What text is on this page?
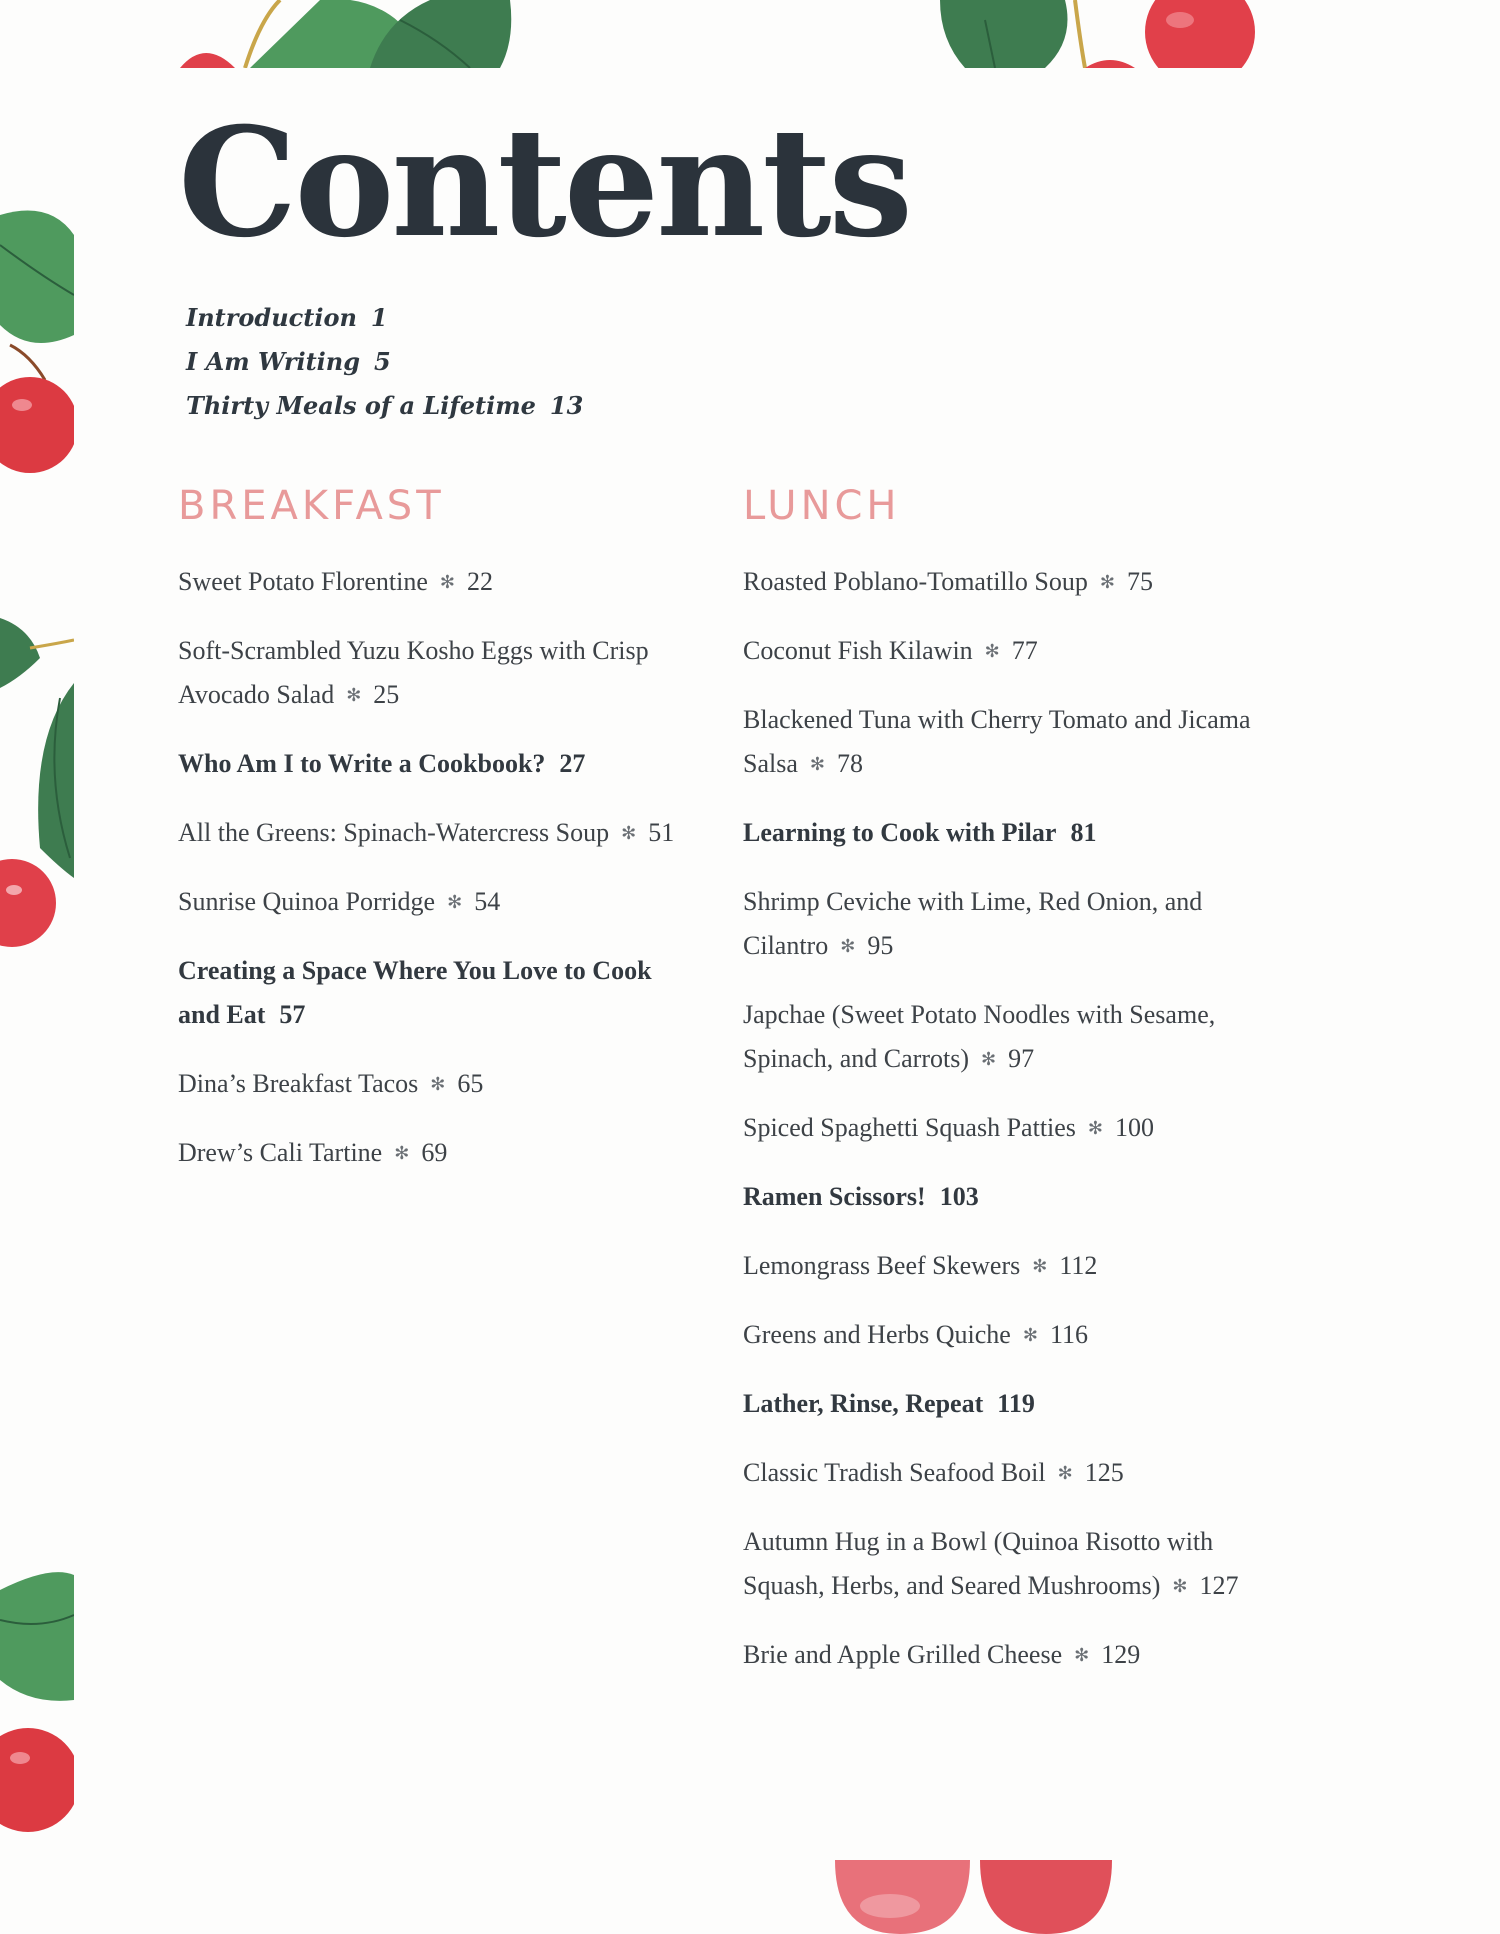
Contents
Introduction 1
I Am Writing 5
Thirty Meals of a Lifetime 13
BREAKFAST
Sweet Potato Florentine ✻ 22
Soft-Scrambled Yuzu Kosho Eggs with Crisp Avocado Salad ✻ 25
Who Am I to Write a Cookbook? 27
All the Greens: Spinach-Watercress Soup ✻ 51
Sunrise Quinoa Porridge ✻ 54
Creating a Space Where You Love to Cook and Eat 57
Dina’s Breakfast Tacos ✻ 65
Drew’s Cali Tartine ✻ 69
LUNCH
Roasted Poblano-Tomatillo Soup ✻ 75
Coconut Fish Kilawin ✻ 77
Blackened Tuna with Cherry Tomato and Jicama Salsa ✻ 78
Learning to Cook with Pilar 81
Shrimp Ceviche with Lime, Red Onion, and Cilantro ✻ 95
Japchae (Sweet Potato Noodles with Sesame, Spinach, and Carrots) ✻ 97
Spiced Spaghetti Squash Patties ✻ 100
Ramen Scissors! 103
Lemongrass Beef Skewers ✻ 112
Greens and Herbs Quiche ✻ 116
Lather, Rinse, Repeat 119
Classic Tradish Seafood Boil ✻ 125
Autumn Hug in a Bowl (Quinoa Risotto with Squash, Herbs, and Seared Mushrooms) ✻ 127
Brie and Apple Grilled Cheese ✻ 129
